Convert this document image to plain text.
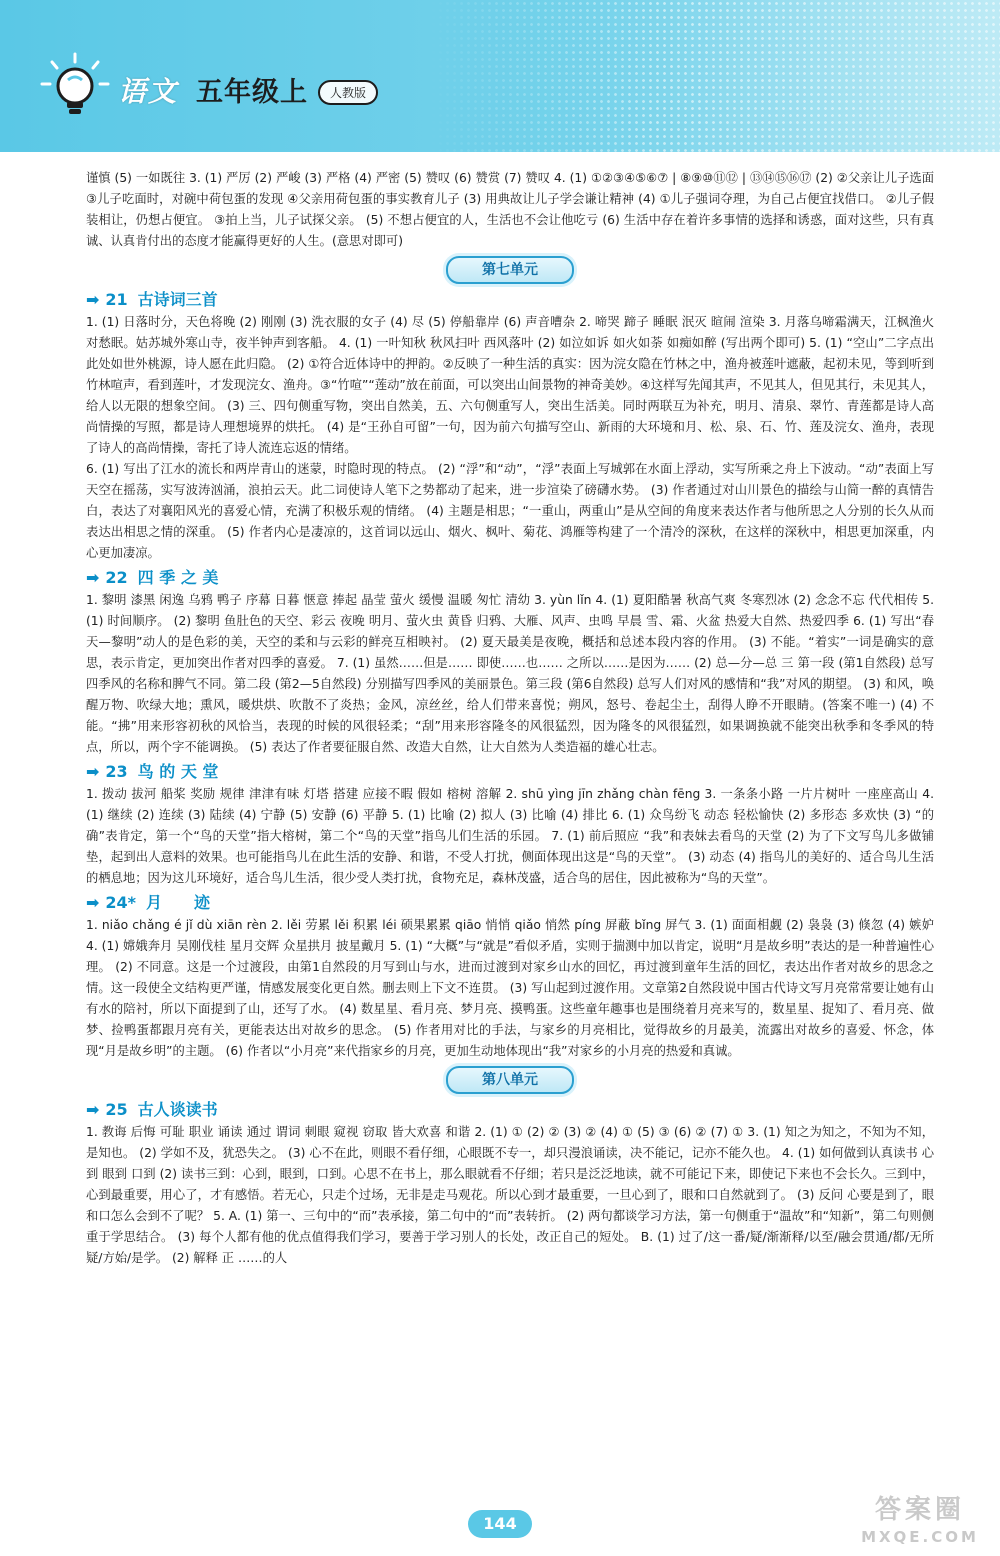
语文 五年级上	人教版

谨慎 (5) 一如既往 3. (1) 严厉 (2) 严峻 (3) 严格 (4) 严密 (5) 赞叹 (6) 赞赏 (7) 赞叹 4. (1) ①②③④⑤⑥⑦ | ⑧⑨⑩⑪⑫ | ⑬⑭⑮⑯⑰ (2) ②父亲让儿子选面 ③儿子吃面时，对碗中荷包蛋的发现 ④父亲用荷包蛋的事实教育儿子 (3) 用典故让儿子学会谦让精神 (4) ①儿子强词夺理，为自己占便宜找借口。 ②儿子假装相让，仍想占便宜。 ③拍上当，儿子试探父亲。 (5) 不想占便宜的人，生活也不会让他吃亏 (6) 生活中存在着许多事情的选择和诱惑，面对这些，只有真诚、认真肯付出的态度才能赢得更好的人生。(意思对即可)

第七单元
➡ 21 古诗词三首

1. (1) 日落时分，天色将晚 (2) 刚刚 (3) 洗衣服的女子 (4) 尽 (5) 停船靠岸 (6) 声音嘈杂 2. 啼哭 蹄子 睡眠 泯灭 暄闹 渲染 3. 月落乌啼霜满天，江枫渔火对愁眠。姑苏城外寒山寺，夜半钟声到客船。 4. (1) 一叶知秋 秋风扫叶 西风落叶 (2) 如泣如诉 如火如荼 如痴如醉 (写出两个即可) 5. (1) “空山”二字点出此处如世外桃源，诗人愿在此归隐。 (2) ①符合近体诗中的押韵。②反映了一种生活的真实：因为浣女隐在竹林之中，渔舟被莲叶遮蔽，起初未见，等到听到竹林喧声，看到莲叶，才发现浣女、渔舟。③“竹喧”“莲动”放在前面，可以突出山间景物的神奇美妙。④这样写先闻其声，不见其人，但见其行，未见其人，给人以无限的想象空间。 (3) 三、四句侧重写物，突出自然美，五、六句侧重写人，突出生活美。同时两联互为补充，明月、清泉、翠竹、青莲都是诗人高尚情操的写照，都是诗人理想境界的烘托。 (4) 是“王孙自可留”一句，因为前六句描写空山、新雨的大环境和月、松、泉、石、竹、莲及浣女、渔舟，表现了诗人的高尚情操，寄托了诗人流连忘返的情绪。

6. (1) 写出了江水的流长和两岸青山的迷蒙，时隐时现的特点。 (2) “浮”和“动”，“浮”表面上写城郭在水面上浮动，实写所乘之舟上下波动。“动”表面上写天空在摇荡，实写波涛汹涌，浪拍云天。此二词使诗人笔下之势都动了起来，进一步渲染了磅礴水势。 (3) 作者通过对山川景色的描绘与山简一醉的真情告白，表达了对襄阳风光的喜爱心情，充满了积极乐观的情绪。 (4) 主题是相思；“一重山，两重山”是从空间的角度来表达作者与他所思之人分别的长久从而表达出相思之情的深重。 (5) 作者内心是凄凉的，这首词以远山、烟火、枫叶、菊花、鸿雁等构建了一个清冷的深秋，在这样的深秋中，相思更加深重，内心更加凄凉。

➡ 22 四 季 之 美

1. 黎明 漆黑 闲逸 乌鸦 鸭子 序幕 日暮 惬意 捧起 晶莹 萤火 缓慢 温暖 匆忙 清幼 3. yùn lǐn 4. (1) 夏阳酷暑 秋高气爽 冬寒烈冰 (2) 念念不忘 代代相传 5. (1) 时间顺序。 (2) 黎明 鱼肚色的天空、彩云 夜晚 明月、萤火虫 黄昏 归鸦、大雁、风声、虫鸣 早晨 雪、霜、火盆 热爱大自然、热爱四季 6. (1) 写出“春天—黎明”动人的是色彩的美，天空的柔和与云彩的鲜亮互相映衬。 (2) 夏天最美是夜晚，概括和总述本段内容的作用。 (3) 不能。“着实”一词是确实的意思，表示肯定，更加突出作者对四季的喜爱。 7. (1) 虽然……但是…… 即使……也…… 之所以……是因为…… (2) 总—分—总 三 第一段 (第1自然段) 总写四季风的名称和脾气不同。第二段 (第2—5自然段) 分别描写四季风的美丽景色。第三段 (第6自然段) 总写人们对风的感情和“我”对风的期望。 (3) 和风，唤醒万物、吹绿大地；熏风，暖烘烘、吹散不了炎热；金风，凉丝丝，给人们带来喜悦；朔风，怒号、卷起尘土，刮得人睁不开眼睛。(答案不唯一) (4) 不能。“拂”用来形容初秋的风恰当，表现的时候的风很轻柔；“刮”用来形容隆冬的风很猛烈，因为隆冬的风很猛烈，如果调换就不能突出秋季和冬季风的特点，所以，两个字不能调换。 (5) 表达了作者要征服自然、改造大自然，让大自然为人类造福的雄心壮志。

➡ 23 鸟 的 天 堂

1. 拨动 拔河 船桨 奖励 规律 津津有味 灯塔 搭建 应接不暇 假如 榕树 溶解 2. shū yìng jīn zhǎng chàn fēng 3. 一条条小路 一片片树叶 一座座高山 4. (1) 继续 (2) 连续 (3) 陆续 (4) 宁静 (5) 安静 (6) 平静 5. (1) 比喻 (2) 拟人 (3) 比喻 (4) 排比 6. (1) 众鸟纷飞 动态 轻松愉快 (2) 多形态 多欢快 (3) “的确”表肯定，第一个“鸟的天堂”指大榕树，第二个“鸟的天堂”指鸟儿们生活的乐园。 7. (1) 前后照应 “我”和表妹去看鸟的天堂 (2) 为了下文写鸟儿多做铺垫，起到出人意料的效果。也可能指鸟儿在此生活的安静、和谐，不受人打扰，侧面体现出这是“鸟的天堂”。 (3) 动态 (4) 指鸟儿的美好的、适合鸟儿生活的栖息地；因为这儿环境好，适合鸟儿生活，很少受人类打扰，食物充足，森林茂盛，适合鸟的居住，因此被称为“鸟的天堂”。

➡ 24* 月　　迹

1. niǎo chǎng é jǐ dù xiān rèn 2. lěi 劳累 lěi 积累 léi 硕果累累 qiāo 悄悄 qiǎo 悄然 píng 屏蔽 bǐng 屏气 3. (1) 面面相觑 (2) 袅袅 (3) 倏忽 (4) 嫉妒 4. (1) 嫦娥奔月 吴刚伐桂 星月交辉 众星拱月 披星戴月 5. (1) “大概”与“就是”看似矛盾，实则于揣测中加以肯定，说明“月是故乡明”表达的是一种普遍性心理。 (2) 不同意。这是一个过渡段，由第1自然段的月写到山与水，进而过渡到对家乡山水的回忆，再过渡到童年生活的回忆，表达出作者对故乡的思念之情。这一段使全文结构更严谨，情感发展变化更自然。删去则上下文不连贯。 (3) 写山起到过渡作用。文章第2自然段说中国古代诗文写月亮常常要让她有山有水的陪衬，所以下面提到了山，还写了水。 (4) 数星星、看月亮、梦月亮、摸鸭蛋。这些童年趣事也是围绕着月亮来写的，数星星、捉知了、看月亮、做梦、捡鸭蛋都跟月亮有关，更能表达出对故乡的思念。 (5) 作者用对比的手法，与家乡的月亮相比，觉得故乡的月最美，流露出对故乡的喜爱、怀念，体现“月是故乡明”的主题。 (6) 作者以“小月亮”来代指家乡的月亮，更加生动地体现出“我”对家乡的小月亮的热爱和真诚。

第八单元
➡ 25 古人谈读书

1. 教诲 后悔 可耻 职业 诵读 通过 谓词 刺眼 窥视 窃取 皆大欢喜 和谐 2. (1) ① (2) ② (3) ② (4) ① (5) ③ (6) ② (7) ① 3. (1) 知之为知之，不知为不知，是知也。 (2) 学如不及，犹恐失之。 (3) 心不在此，则眼不看仔细，心眼既不专一，却只漫浪诵读，决不能记，记亦不能久也。 4. (1) 如何做到认真读书 心到 眼到 口到 (2) 读书三到：心到，眼到，口到。心思不在书上，那么眼就看不仔细；若只是泛泛地读，就不可能记下来，即使记下来也不会长久。三到中，心到最重要，用心了，才有感悟。若无心，只走个过场，无非是走马观花。所以心到才最重要，一旦心到了，眼和口自然就到了。 (3) 反问 心要是到了，眼和口怎么会到不了呢？ 5. A. (1) 第一、三句中的“而”表承接，第二句中的“而”表转折。 (2) 两句都谈学习方法，第一句侧重于“温故”和“知新”，第二句则侧重于学思结合。 (3) 每个人都有他的优点值得我们学习，要善于学习别人的长处，改正自己的短处。 B. (1) 过了/这一番/疑/渐渐释/以至/融会贯通/都/无所疑/方始/是学。 (2) 解释 正 ……的人

144	答案圈
MXQE.COM
